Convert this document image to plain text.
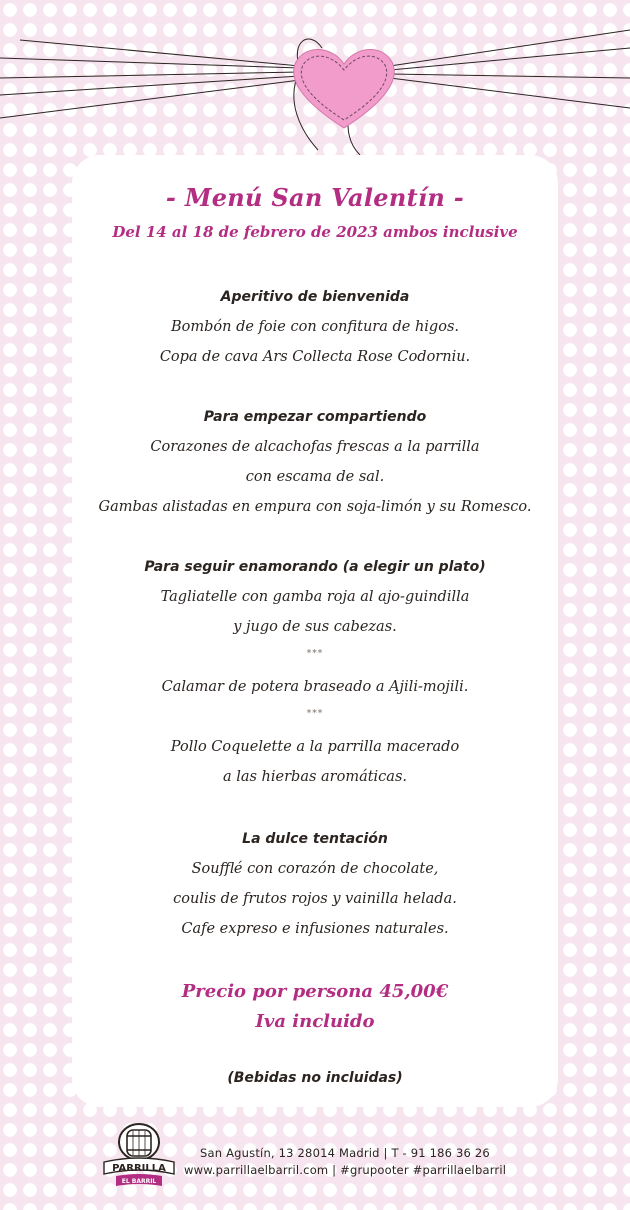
- Menú San Valentín -
Del 14 al 18 de febrero de 2023 ambos inclusive
Aperitivo de bienvenida
Bombón de foie con confitura de higos.
Copa de cava Ars Collecta Rose Codorniu.
Para empezar compartiendo
Corazones de alcachofas frescas a la parrilla
con escama de sal.
Gambas alistadas en empura con soja-limón y su Romesco.
Para seguir enamorando (a elegir un plato)
Tagliatelle con gamba roja al ajo-guindilla
y jugo de sus cabezas.
***
Calamar de potera braseado a Ajili-mojili.
***
Pollo Coquelette a la parrilla macerado
a las hierbas aromáticas.
La dulce tentación
Soufflé con corazón de chocolate,
coulis de frutos rojos y vainilla helada.
Cafe expreso e infusiones naturales.
Precio por persona 45,00€
Iva incluido
(Bebidas no incluidas)
PARRILLA
EL BARRIL
San Agustín, 13 28014 Madrid | T - 91 186 36 26
www.parrillaelbarril.com | #grupooter #parrillaelbarril
